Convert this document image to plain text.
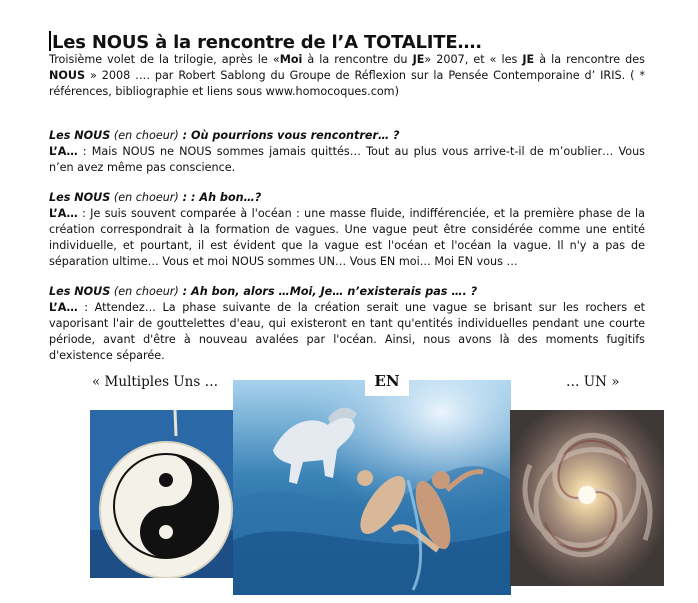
Les NOUS à la rencontre de l’A TOTALITE….
Troisième volet de la trilogie, après le «Moi à la rencontre du JE» 2007, et « les JE à la rencontre des NOUS » 2008 …. par Robert Sablong du Groupe de Réflexion sur la Pensée Contemporaine d’ IRIS. ( * références, bibliographie et liens sous www.homocoques.com)
Les NOUS (en choeur) : Où pourrions vous rencontrer… ?
L’A… : Mais NOUS ne NOUS sommes jamais quittés… Tout au plus vous arrive-t-il de m’oublier… Vous n’en avez même pas conscience.
Les NOUS (en choeur) : : Ah bon…?
L’A… : Je suis souvent comparée à l'océan : une masse fluide, indifférenciée, et la première phase de la création correspondrait à la formation de vagues. Une vague peut être considérée comme une entité individuelle, et pourtant, il est évident que la vague est l'océan et l'océan la vague. Il n'y a pas de séparation ultime… Vous et moi NOUS sommes UN… Vous EN moi… Moi EN vous …
Les NOUS (en choeur) : Ah bon, alors …Moi, Je… n’existerais pas …. ?
L’A… : Attendez… La phase suivante de la création serait une vague se brisant sur les rochers et vaporisant l'air de gouttelettes d'eau, qui existeront en tant qu'entités individuelles pendant une courte période, avant d'être à nouveau avalées par l'océan. Ainsi, nous avons là des moments fugitifs d'existence séparée.
« Multiples Uns …	… UN »
EN
